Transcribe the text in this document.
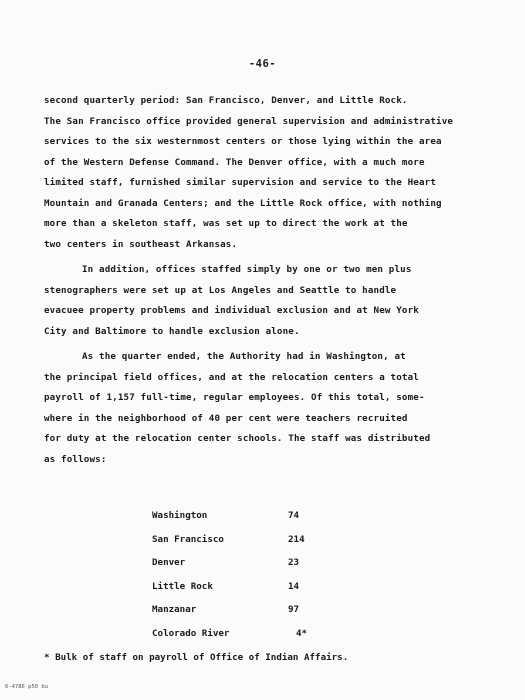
-46-
second quarterly period: San Francisco, Denver, and Little Rock.
The San Francisco office provided general supervision and administrative
services to the six westernmost centers or those lying within the area
of the Western Defense Command. The Denver office, with a much more
limited staff, furnished similar supervision and service to the Heart
Mountain and Granada Centers; and the Little Rock office, with nothing
more than a skeleton staff, was set up to direct the work at the
two centers in southeast Arkansas.
In addition, offices staffed simply by one or two men plus
stenographers were set up at Los Angeles and Seattle to handle
evacuee property problems and individual exclusion and at New York
City and Baltimore to handle exclusion alone.
As the quarter ended, the Authority had in Washington, at
the principal field offices, and at the relocation centers a total
payroll of 1,157 full-time, regular employees. Of this total, some-
where in the neighborhood of 40 per cent were teachers recruited
for duty at the relocation center schools. The staff was distributed
as follows:
Washington	74
San Francisco	214
Denver	23
Little Rock	14
Manzanar	97
Colorado River	4*
* Bulk of staff on payroll of Office of Indian Affairs.
6-4786 p50 bu
